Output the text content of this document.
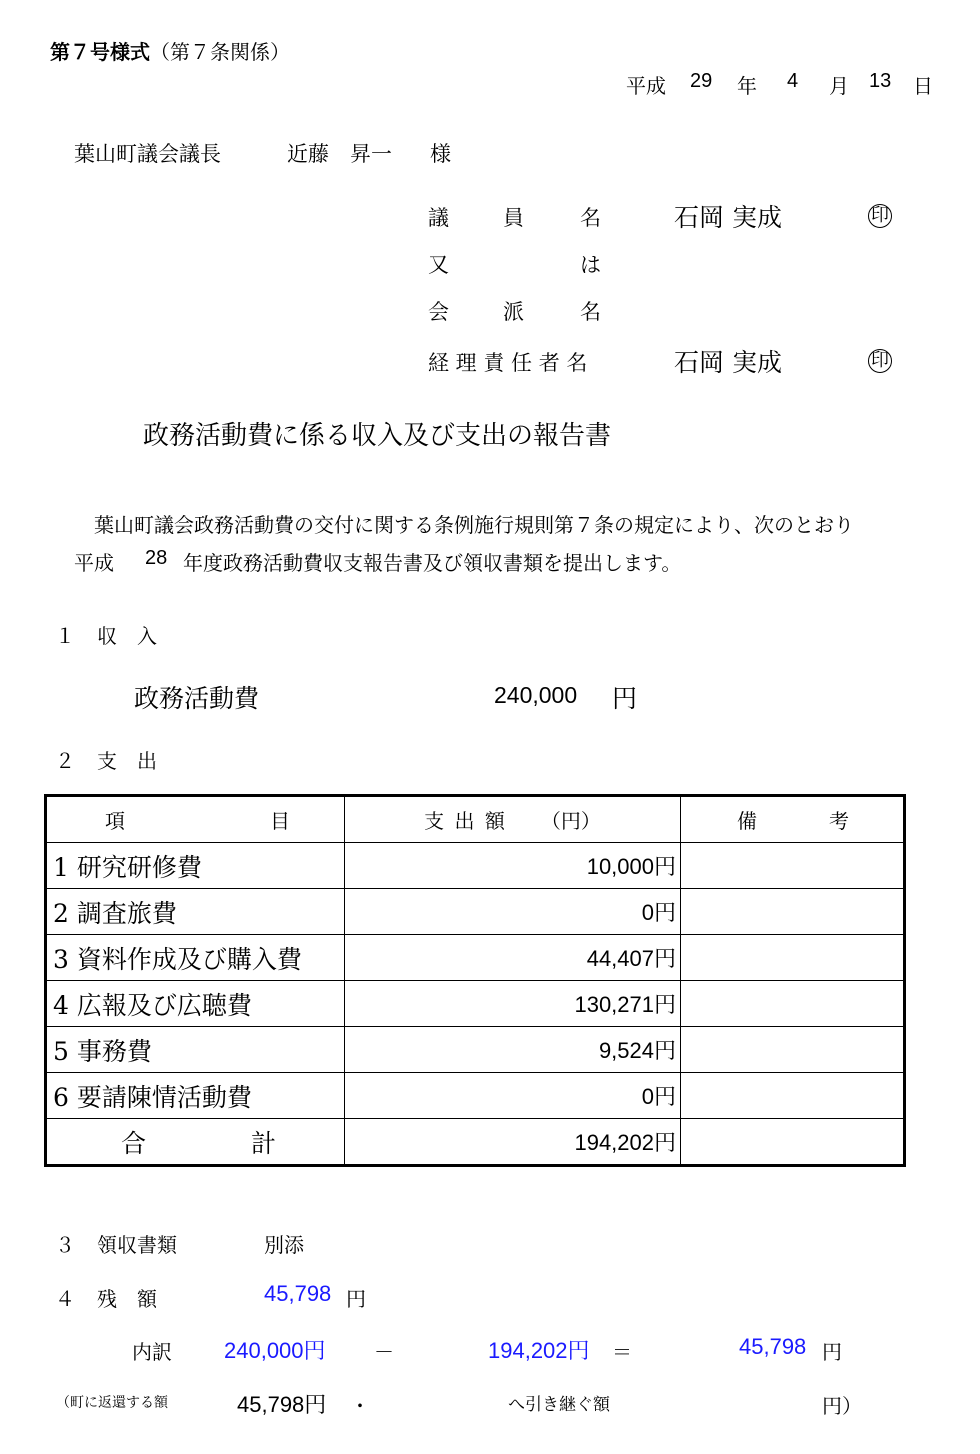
第７号様式（第７条関係）
平成 29 年 4 月 13 日
葉山町議会議長	近藤　昇一 様
議	員	名	石岡 実成	印
又	は
会	派	名
経 理 責 任 者 名	石岡 実成	印
政務活動費に係る収入及び支出の報告書
葉山町議会政務活動費の交付に関する条例施行規則第７条の規定により、次のとおり
平成 28 年度政務活動費収支報告書及び領収書類を提出します。
１ 収　入
政務活動費	240,000 円
２ 支　出
項 目	支 出 額 （円）	備 考

1 研究研修費	10,000円	
2 調査旅費	0円	
3 資料作成及び購入費	44,407円	
4 広報及び広聴費	130,271円	
5 事務費	9,524円	
6 要請陳情活動費	0円	

合 計	194,202円	
３ 領収書類	別添
４ 残　額	45,798 円
内訳 240,000円 －	194,202円 ＝	45,798 円
（町に返還する額	45,798円 ・	へ引き継ぐ額	円）
